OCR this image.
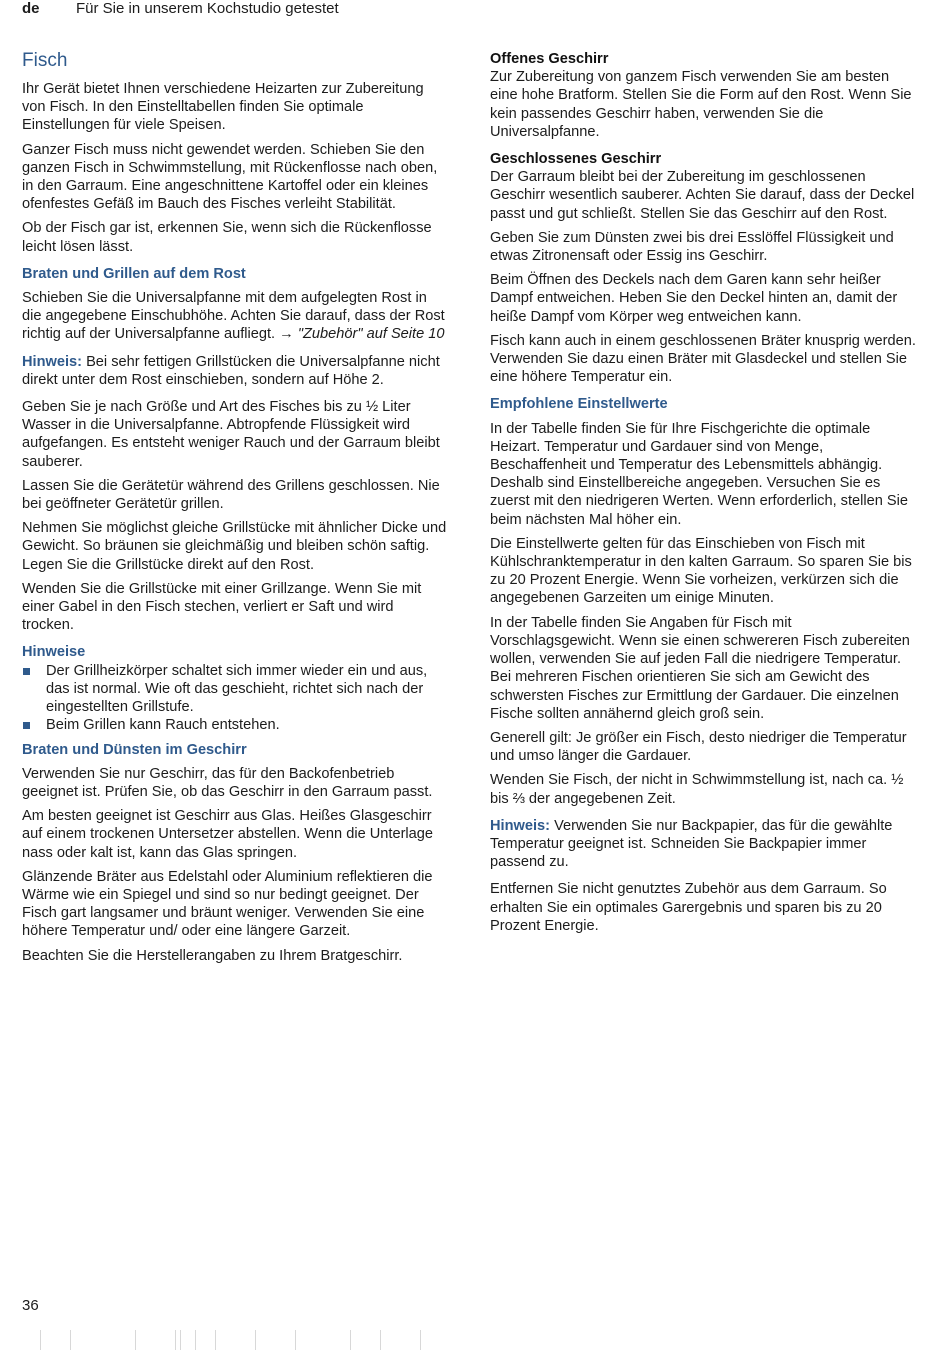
de Für Sie in unserem Kochstudio getestet
Fisch

Ihr Gerät bietet Ihnen verschiedene Heizarten zur Zubereitung von Fisch. In den Einstelltabellen finden Sie optimale Einstellungen für viele Speisen.

Ganzer Fisch muss nicht gewendet werden. Schieben Sie den ganzen Fisch in Schwimmstellung, mit Rückenflosse nach oben, in den Garraum. Eine angeschnittene Kartoffel oder ein kleines ofenfestes Gefäß im Bauch des Fisches verleiht Stabilität.

Ob der Fisch gar ist, erkennen Sie, wenn sich die Rückenflosse leicht lösen lässt.

Braten und Grillen auf dem Rost

Schieben Sie die Universalpfanne mit dem aufgelegten Rost in die angegebene Einschubhöhe. Achten Sie darauf, dass der Rost richtig auf der Universalpfanne aufliegt. → "Zubehör" auf Seite 10

Hinweis: Bei sehr fettigen Grillstücken die Universalpfanne nicht direkt unter dem Rost einschieben, sondern auf Höhe 2.

Geben Sie je nach Größe und Art des Fisches bis zu ½ Liter Wasser in die Universalpfanne. Abtropfende Flüssigkeit wird aufgefangen. Es entsteht weniger Rauch und der Garraum bleibt sauberer.

Lassen Sie die Gerätetür während des Grillens geschlossen. Nie bei geöffneter Gerätetür grillen.

Nehmen Sie möglichst gleiche Grillstücke mit ähnlicher Dicke und Gewicht. So bräunen sie gleichmäßig und bleiben schön saftig. Legen Sie die Grillstücke direkt auf den Rost.

Wenden Sie die Grillstücke mit einer Grillzange. Wenn Sie mit einer Gabel in den Fisch stechen, verliert er Saft und wird trocken.

Hinweise
Der Grillheizkörper schaltet sich immer wieder ein und aus, das ist normal. Wie oft das geschieht, richtet sich nach der eingestellten Grillstufe.
Beim Grillen kann Rauch entstehen.
Braten und Dünsten im Geschirr

Verwenden Sie nur Geschirr, das für den Backofenbetrieb geeignet ist. Prüfen Sie, ob das Geschirr in den Garraum passt.

Am besten geeignet ist Geschirr aus Glas. Heißes Glasgeschirr auf einem trockenen Untersetzer abstellen. Wenn die Unterlage nass oder kalt ist, kann das Glas springen.

Glänzende Bräter aus Edelstahl oder Aluminium reflektieren die Wärme wie ein Spiegel und sind so nur bedingt geeignet. Der Fisch gart langsamer und bräunt weniger. Verwenden Sie eine höhere Temperatur und/ oder eine längere Garzeit.

Beachten Sie die Herstellerangaben zu Ihrem Bratgeschirr.

Offenes Geschirr

Zur Zubereitung von ganzem Fisch verwenden Sie am besten eine hohe Bratform. Stellen Sie die Form auf den Rost. Wenn Sie kein passendes Geschirr haben, verwenden Sie die Universalpfanne.

Geschlossenes Geschirr

Der Garraum bleibt bei der Zubereitung im geschlossenen Geschirr wesentlich sauberer. Achten Sie darauf, dass der Deckel passt und gut schließt. Stellen Sie das Geschirr auf den Rost.

Geben Sie zum Dünsten zwei bis drei Esslöffel Flüssigkeit und etwas Zitronensaft oder Essig ins Geschirr.

Beim Öffnen des Deckels nach dem Garen kann sehr heißer Dampf entweichen. Heben Sie den Deckel hinten an, damit der heiße Dampf vom Körper weg entweichen kann.

Fisch kann auch in einem geschlossenen Bräter knusprig werden. Verwenden Sie dazu einen Bräter mit Glasdeckel und stellen Sie eine höhere Temperatur ein.

Empfohlene Einstellwerte

In der Tabelle finden Sie für Ihre Fischgerichte die optimale Heizart. Temperatur und Gardauer sind von Menge, Beschaffenheit und Temperatur des Lebensmittels abhängig. Deshalb sind Einstellbereiche angegeben. Versuchen Sie es zuerst mit den niedrigeren Werten. Wenn erforderlich, stellen Sie beim nächsten Mal höher ein.

Die Einstellwerte gelten für das Einschieben von Fisch mit Kühlschranktemperatur in den kalten Garraum. So sparen Sie bis zu 20 Prozent Energie. Wenn Sie vorheizen, verkürzen sich die angegebenen Garzeiten um einige Minuten.

In der Tabelle finden Sie Angaben für Fisch mit Vorschlagsgewicht. Wenn sie einen schwereren Fisch zubereiten wollen, verwenden Sie auf jeden Fall die niedrigere Temperatur. Bei mehreren Fischen orientieren Sie sich am Gewicht des schwersten Fisches zur Ermittlung der Gardauer. Die einzelnen Fische sollten annähernd gleich groß sein.

Generell gilt: Je größer ein Fisch, desto niedriger die Temperatur und umso länger die Gardauer.

Wenden Sie Fisch, der nicht in Schwimmstellung ist, nach ca. ½ bis ⅔ der angegebenen Zeit.

Hinweis: Verwenden Sie nur Backpapier, das für die gewählte Temperatur geeignet ist. Schneiden Sie Backpapier immer passend zu.

Entfernen Sie nicht genutztes Zubehör aus dem Garraum. So erhalten Sie ein optimales Garergebnis und sparen bis zu 20 Prozent Energie.

36
